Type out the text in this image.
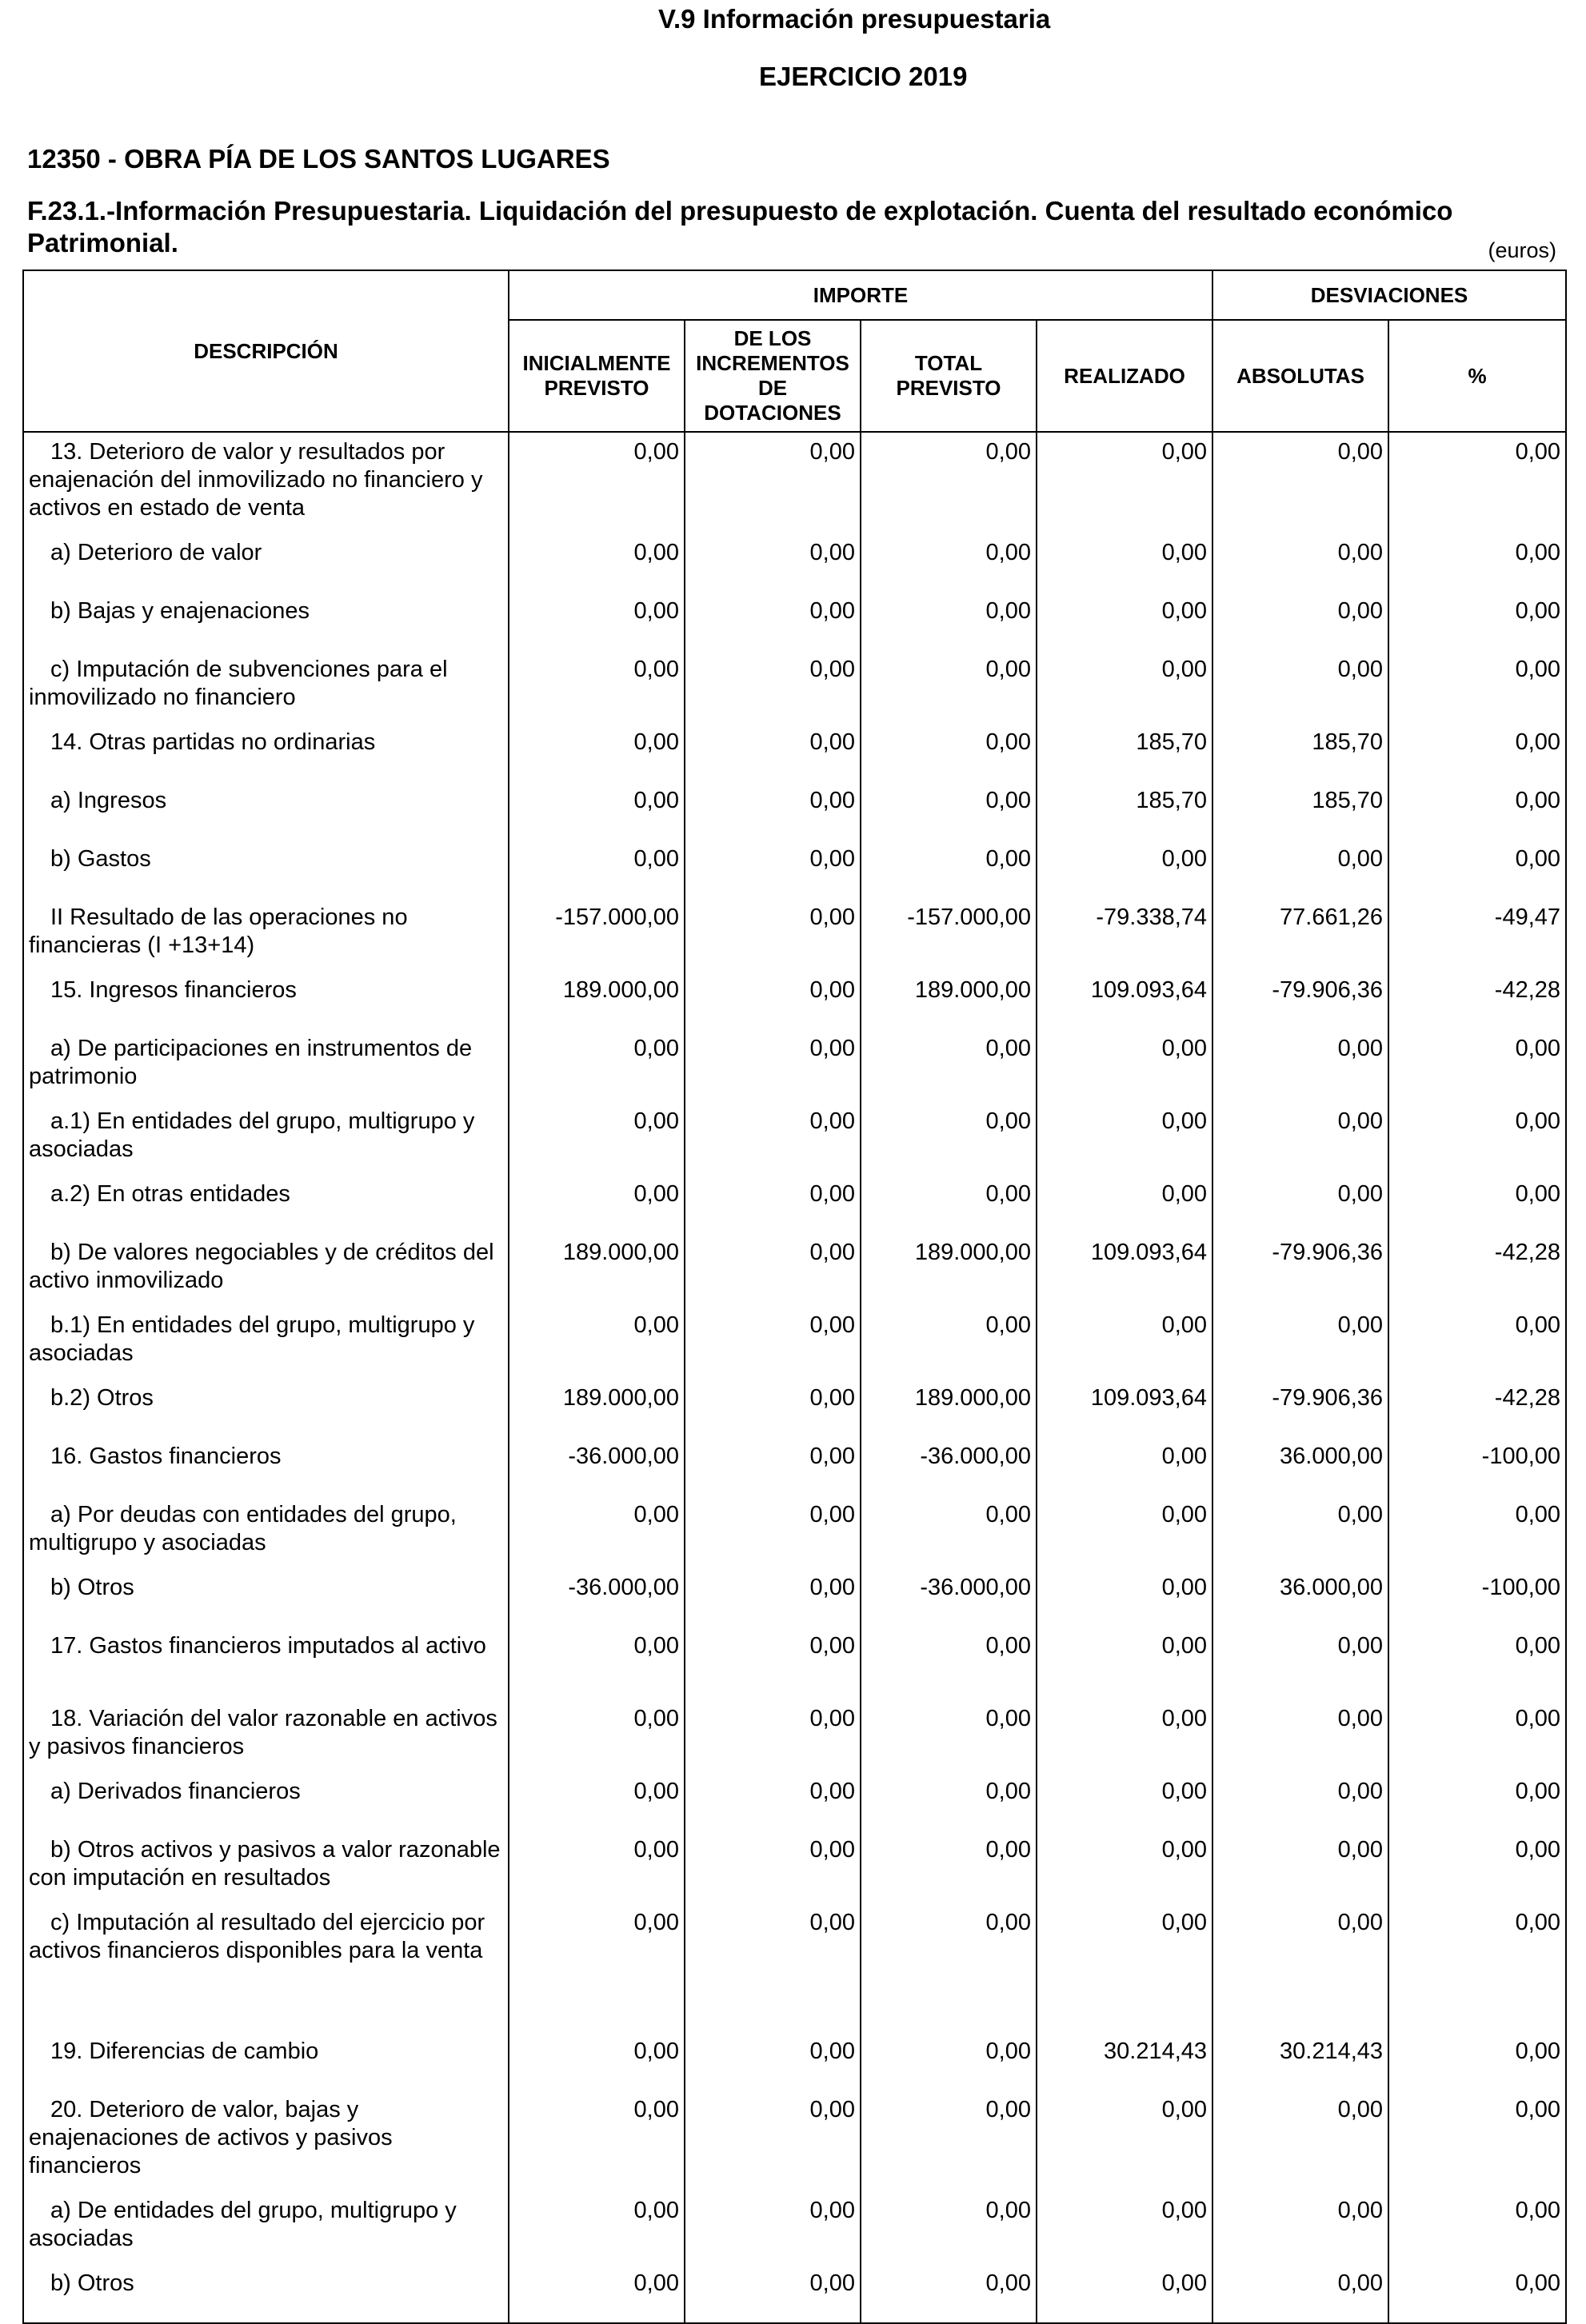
V.9 Información presupuestaria
EJERCICIO 2019
12350 - OBRA PÍA DE LOS SANTOS LUGARES
F.23.1.-Información Presupuestaria. Liquidación del presupuesto de explotación. Cuenta del resultado económico Patrimonial.	(euros)
DESCRIPCIÓN	IMPORTE				DESVIACIONES	
	INICIALMENTE PREVISTO	DE LOS INCREMENTOS DE DOTACIONES	TOTAL PREVISTO	REALIZADO	ABSOLUTAS	%
13. Deterioro de valor y resultados por enajenación del inmovilizado no financiero y activos en estado de venta	0,00	0,00	0,00	0,00	0,00	0,00
a) Deterioro de valor	0,00	0,00	0,00	0,00	0,00	0,00
b) Bajas y enajenaciones	0,00	0,00	0,00	0,00	0,00	0,00
c) Imputación de subvenciones para el inmovilizado no financiero	0,00	0,00	0,00	0,00	0,00	0,00
14. Otras partidas no ordinarias	0,00	0,00	0,00	185,70	185,70	0,00
a) Ingresos	0,00	0,00	0,00	185,70	185,70	0,00
b) Gastos	0,00	0,00	0,00	0,00	0,00	0,00
II Resultado de las operaciones no financieras (I +13+14)	-157.000,00	0,00	-157.000,00	-79.338,74	77.661,26	-49,47
15. Ingresos financieros	189.000,00	0,00	189.000,00	109.093,64	-79.906,36	-42,28
a) De participaciones en instrumentos de patrimonio	0,00	0,00	0,00	0,00	0,00	0,00
a.1) En entidades del grupo, multigrupo y asociadas	0,00	0,00	0,00	0,00	0,00	0,00
a.2) En otras entidades	0,00	0,00	0,00	0,00	0,00	0,00
b) De valores negociables y de créditos del activo inmovilizado	189.000,00	0,00	189.000,00	109.093,64	-79.906,36	-42,28
b.1) En entidades del grupo, multigrupo y asociadas	0,00	0,00	0,00	0,00	0,00	0,00
b.2) Otros	189.000,00	0,00	189.000,00	109.093,64	-79.906,36	-42,28
16. Gastos financieros	-36.000,00	0,00	-36.000,00	0,00	36.000,00	-100,00
a) Por deudas con entidades del grupo, multigrupo y asociadas	0,00	0,00	0,00	0,00	0,00	0,00
b) Otros	-36.000,00	0,00	-36.000,00	0,00	36.000,00	-100,00
17. Gastos financieros imputados al activo	0,00	0,00	0,00	0,00	0,00	0,00
18. Variación del valor razonable en activos y pasivos financieros	0,00	0,00	0,00	0,00	0,00	0,00
a) Derivados financieros	0,00	0,00	0,00	0,00	0,00	0,00
b) Otros activos y pasivos a valor razonable con imputación en resultados	0,00	0,00	0,00	0,00	0,00	0,00
c) Imputación al resultado del ejercicio por activos financieros disponibles para la venta	0,00	0,00	0,00	0,00	0,00	0,00
19. Diferencias de cambio	0,00	0,00	0,00	30.214,43	30.214,43	0,00
20. Deterioro de valor, bajas y enajenaciones de activos y pasivos financieros	0,00	0,00	0,00	0,00	0,00	0,00
a) De entidades del grupo, multigrupo y asociadas	0,00	0,00	0,00	0,00	0,00	0,00
b) Otros	0,00	0,00	0,00	0,00	0,00	0,00
